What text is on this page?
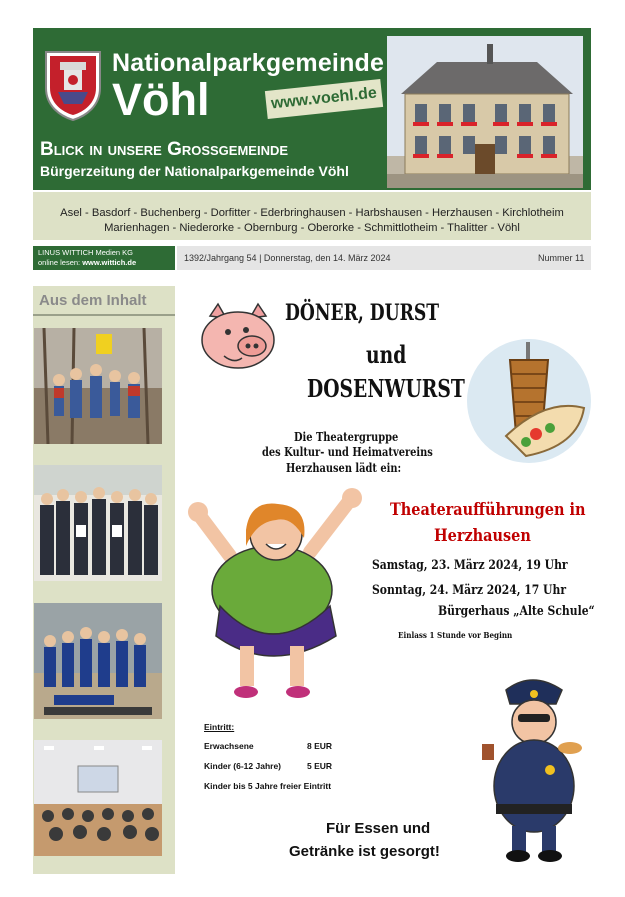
Nationalparkgemeinde
Vöhl	www.voehl.de
Blick in unsere Grossgemeinde
Bürgerzeitung der Nationalparkgemeinde Vöhl
Asel - Basdorf - Buchenberg - Dorfitter - Ederbringhausen - Harbshausen - Herzhausen - Kirchlotheim
Marienhagen - Niederorke - Obernburg - Oberorke - Schmittlotheim - Thalitter - Vöhl
LINUS WITTICH Medien KG
online lesen: www.wittich.de	1392/Jahrgang 54 | Donnerstag, den 14. März 2024	Nummer 11
Aus dem Inhalt	DÖNER, DURST
und
DOSENWURST
Die Theatergruppe
des Kultur- und Heimatvereins
Herzhausen lädt ein:
Theateraufführungen in
Herzhausen
Samstag, 23. März 2024, 19 Uhr
Sonntag, 24. März 2024, 17 Uhr
Bürgerhaus „Alte Schule“
Einlass 1 Stunde vor Beginn
Eintritt:
Erwachsene	8 EUR
Kinder (6-12 Jahre)	5 EUR
Kinder bis 5 Jahre freier Eintritt
Für Essen und
Getränke ist gesorgt!
